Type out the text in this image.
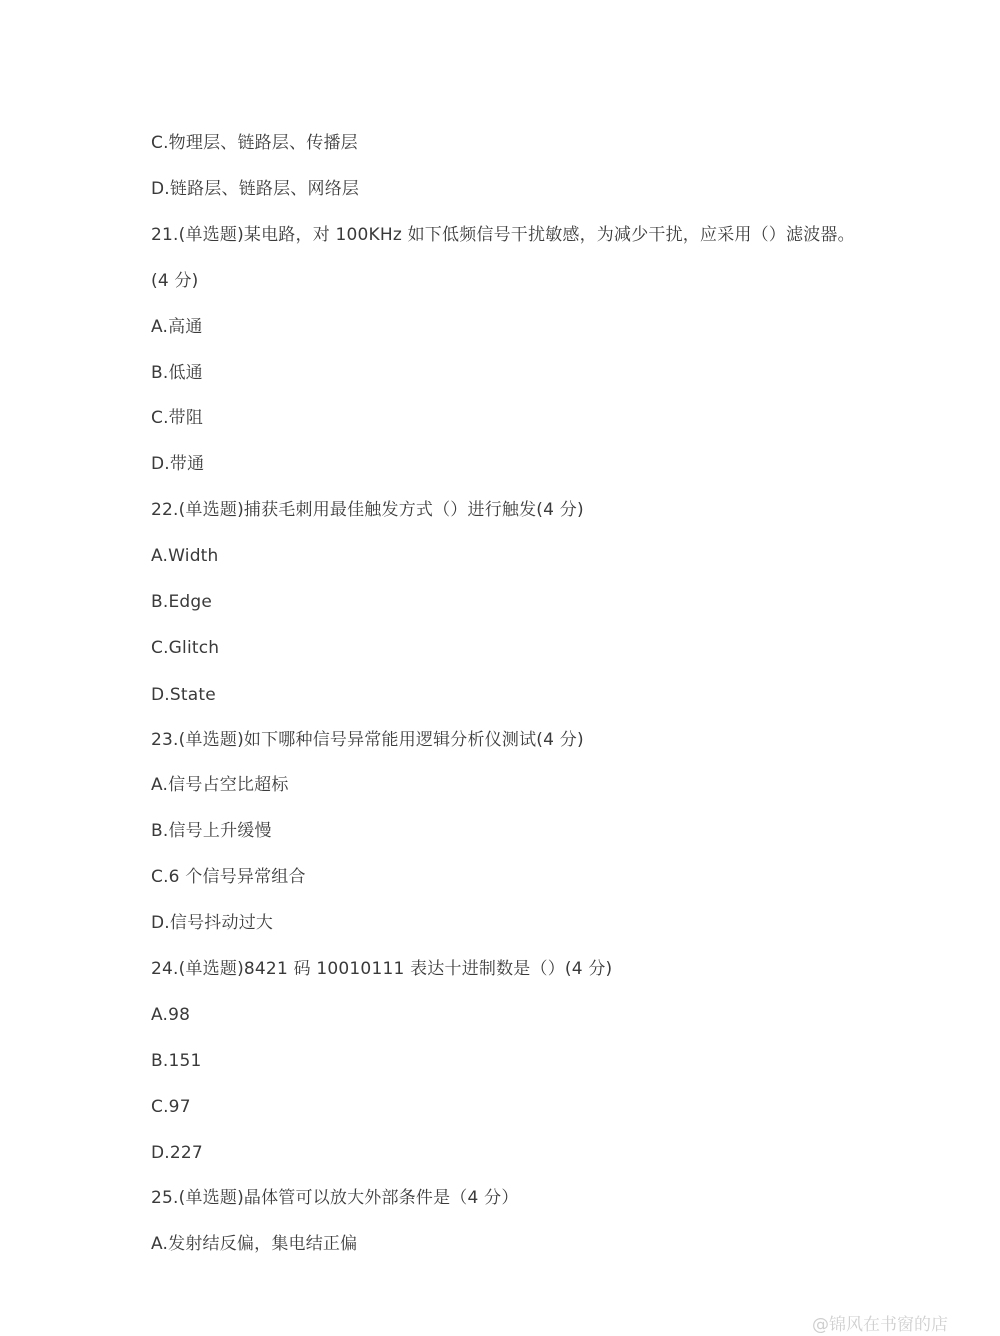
C.物理层、链路层、传播层
D.链路层、链路层、网络层
21.(单选题)某电路，对 100KHz 如下低频信号干扰敏感，为减少干扰，应采用（）滤波器。
(4 分)
A.高通
B.低通
C.带阻
D.带通
22.(单选题)捕获毛刺用最佳触发方式（）进行触发(4 分)
A.Width
B.Edge
C.Glitch
D.State
23.(单选题)如下哪种信号异常能用逻辑分析仪测试(4 分)
A.信号占空比超标
B.信号上升缓慢
C.6 个信号异常组合
D.信号抖动过大
24.(单选题)8421 码 10010111 表达十进制数是（）(4 分)
A.98
B.151
C.97
D.227
25.(单选题)晶体管可以放大外部条件是（4 分）
A.发射结反偏，集电结正偏
@锦风在书窗的店
